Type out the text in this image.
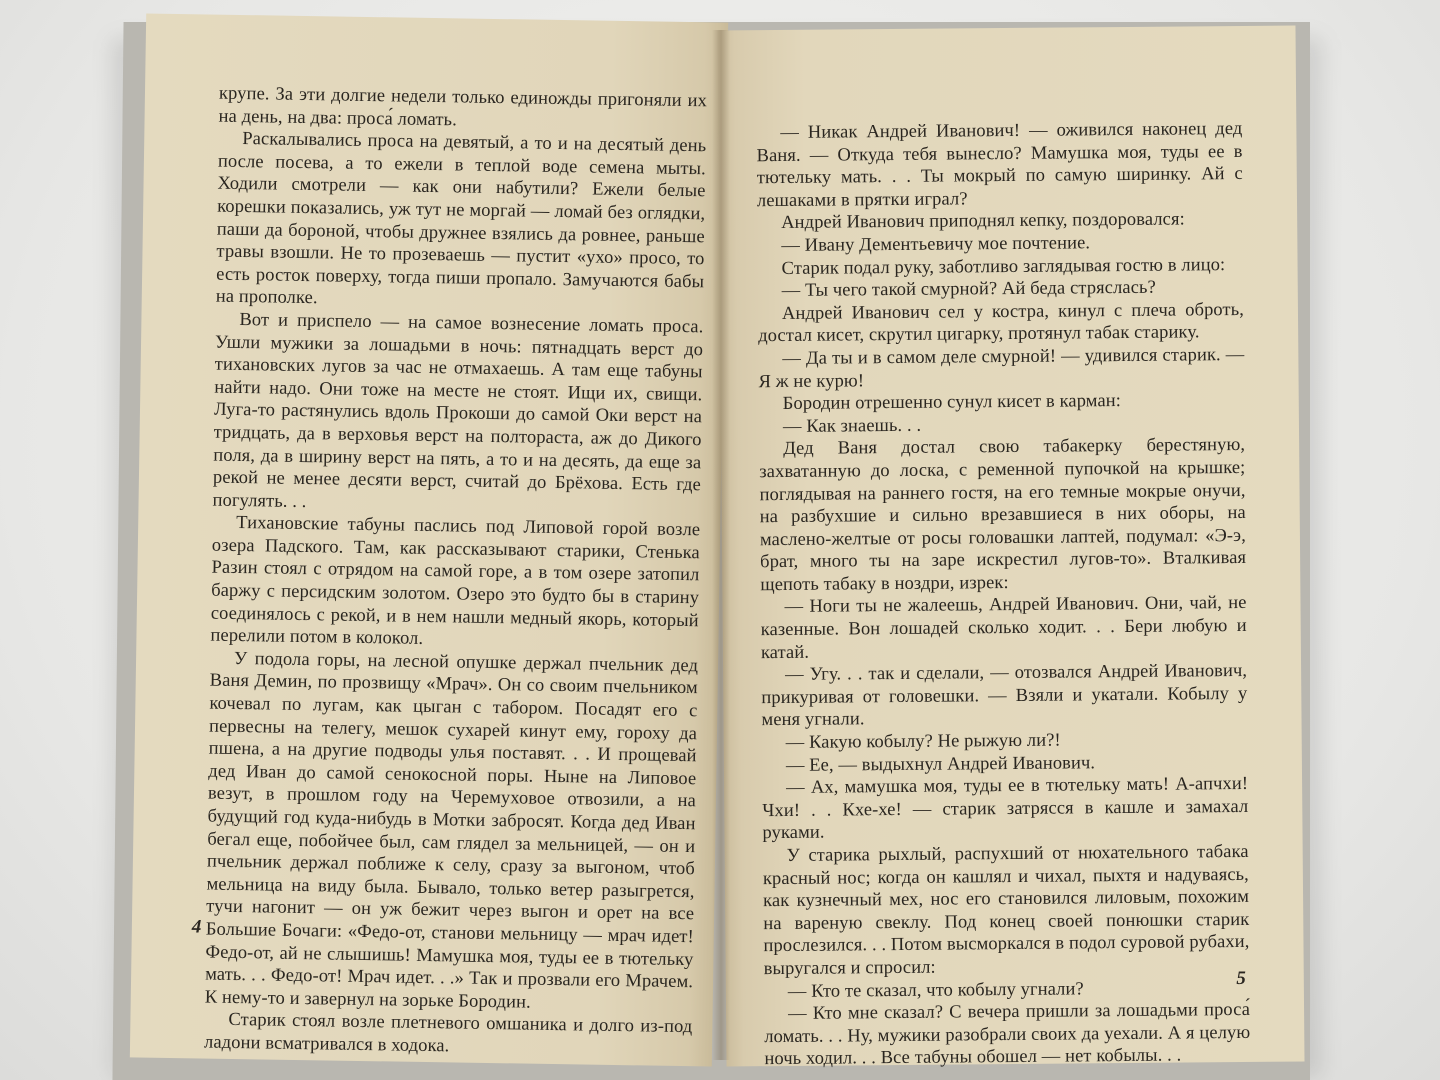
крупе. За эти долгие недели только единожды пригоняли их на день, на два: проса́ ломать.

Раскалывались проса на девятый, а то и на десятый день после посева, а то ежели в теплой воде семена мыты. Ходили смотрели — как они набутили? Ежели белые корешки показались, уж тут не моргай — ломай без оглядки, паши да бороной, чтобы дружнее взялись да ровнее, раньше травы взошли. Не то прозеваешь — пустит «ухо» просо, то есть росток поверху, тогда пиши пропало. Замучаются бабы на прополке.

Вот и приспело — на самое вознесение ломать проса. Ушли мужики за лошадьми в ночь: пятнадцать верст до тихановских лугов за час не отмахаешь. А там еще табуны найти надо. Они тоже на месте не стоят. Ищи их, свищи. Луга-то растянулись вдоль Прокоши до самой Оки верст на тридцать, да в верховья верст на полтораста, аж до Дикого поля, да в ширину верст на пять, а то и на десять, да еще за рекой не менее десяти верст, считай до Брёхова. Есть где погулять. . .

Тихановские табуны паслись под Липовой горой возле озера Падского. Там, как рассказывают старики, Стенька Разин стоял с отрядом на самой горе, а в том озере затопил баржу с персидским золотом. Озеро это будто бы в старину соединялось с рекой, и в нем нашли медный якорь, который перелили потом в колокол.

У подола горы, на лесной опушке держал пчельник дед Ваня Демин, по прозвищу «Мрач». Он со своим пчельником кочевал по лугам, как цыган с табором. Посадят его с первесны на телегу, мешок сухарей кинут ему, гороху да пшена, а на другие подводы улья поставят. . . И прощевай дед Иван до самой сенокосной поры. Ныне на Липовое везут, в прошлом году на Черемуховое отвозили, а на будущий год куда-нибудь в Мотки забросят. Когда дед Иван бегал еще, побойчее был, сам глядел за мельницей, — он и пчельник держал поближе к селу, сразу за выгоном, чтоб мельница на виду была. Бывало, только ветер разыгрется, тучи нагонит — он уж бежит через выгон и орет на все Большие Бочаги: «Федо-от, станови мельницу — мрач идет! Федо-от, ай не слышишь! Мамушка моя, туды ее в тютельку мать. . . Федо-от! Мрач идет. . .» Так и прозвали его Мрачем. К нему-то и завернул на зорьке Бородин.

Старик стоял возле плетневого омшаника и долго из-под ладони всматривался в ходока.

4

— Никак Андрей Иванович! — оживился наконец дед Ваня. — Откуда тебя вынесло? Мамушка моя, туды ее в тютельку мать. . . Ты мокрый по самую ширинку. Ай с лешаками в прятки играл?

Андрей Иванович приподнял кепку, поздоровался:

— Ивану Дементьевичу мое почтение.

Старик подал руку, заботливо заглядывая гостю в лицо:

— Ты чего такой смурной? Ай беда стряслась?

Андрей Иванович сел у костра, кинул с плеча оброть, достал кисет, скрутил цигарку, протянул табак старику.

— Да ты и в самом деле смурной! — удивился старик. — Я ж не курю!

Бородин отрешенно сунул кисет в карман:

— Как знаешь. . .

Дед Ваня достал свою табакерку берестяную, захватанную до лоска, с ременной пупочкой на крышке; поглядывая на раннего гостя, на его темные мокрые онучи, на разбухшие и сильно врезавшиеся в них оборы, на маслено-желтые от росы головашки лаптей, подумал: «Э-э, брат, много ты на заре искрестил лугов-то». Вталкивая щепоть табаку в ноздри, изрек:

— Ноги ты не жалеешь, Андрей Иванович. Они, чай, не казенные. Вон лошадей сколько ходит. . . Бери любую и катай.

— Угу. . . так и сделали, — отозвался Андрей Иванович, прикуривая от головешки. — Взяли и укатали. Кобылу у меня угнали.

— Какую кобылу? Не рыжую ли?!

— Ее, — выдыхнул Андрей Иванович.

— Ах, мамушка моя, туды ее в тютельку мать! А-апчхи! Чхи! . . Кхе-хе! — старик затрясся в кашле и замахал руками.

У старика рыхлый, распухший от нюхательного табака красный нос; когда он кашлял и чихал, пыхтя и надуваясь, как кузнечный мех, нос его становился лиловым, похожим на вареную свеклу. Под конец своей понюшки старик прослезился. . . Потом высморкался в подол суровой рубахи, выругался и спросил:

— Кто те сказал, что кобылу угнали?

— Кто мне сказал? С вечера пришли за лошадьми проса́ ломать. . . Ну, мужики разобрали своих да уехали. А я целую ночь ходил. . . Все табуны обошел — нет кобылы. . .

5
